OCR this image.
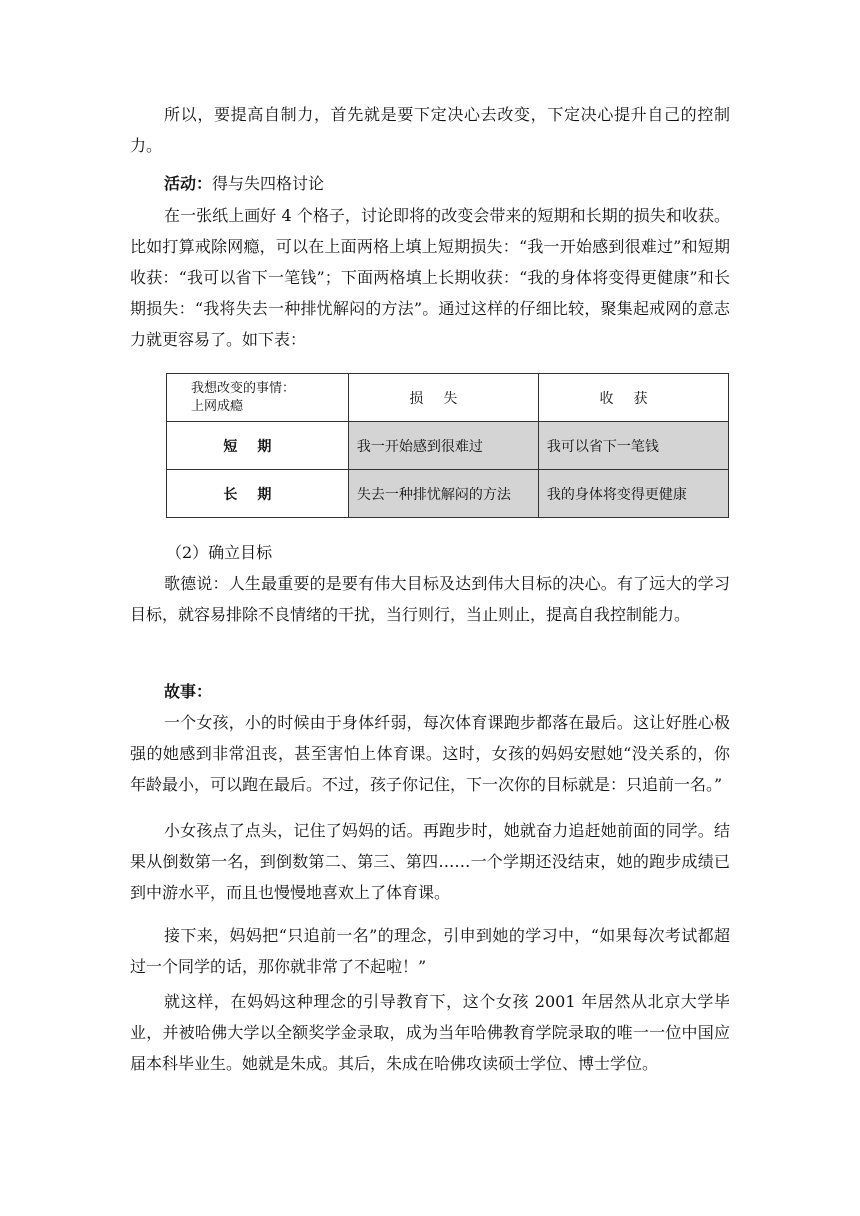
所以，要提高自制力，首先就是要下定决心去改变，下定决心提升自己的控制力。

活动：得与失四格讨论

在一张纸上画好 4 个格子，讨论即将的改变会带来的短期和长期的损失和收获。比如打算戒除网瘾，可以在上面两格上填上短期损失：“我一开始感到很难过”和短期收获：“我可以省下一笔钱”；下面两格填上长期收获：“我的身体将变得更健康”和长期损失：“我将失去一种排忧解闷的方法”。通过这样的仔细比较，聚集起戒网的意志力就更容易了。如下表：

我想改变的事情：
上网成瘾	损失	收获
短期	我一开始感到很难过	我可以省下一笔钱
长期	失去一种排忧解闷的方法	我的身体将变得更健康
（2）确立目标

歌德说：人生最重要的是要有伟大目标及达到伟大目标的决心。有了远大的学习目标，就容易排除不良情绪的干扰，当行则行，当止则止，提高自我控制能力。

故事：

一个女孩，小的时候由于身体纤弱，每次体育课跑步都落在最后。这让好胜心极强的她感到非常沮丧，甚至害怕上体育课。这时，女孩的妈妈安慰她“没关系的，你年龄最小，可以跑在最后。不过，孩子你记住，下一次你的目标就是：只追前一名。”

小女孩点了点头，记住了妈妈的话。再跑步时，她就奋力追赶她前面的同学。结果从倒数第一名，到倒数第二、第三、第四……一个学期还没结束，她的跑步成绩已到中游水平，而且也慢慢地喜欢上了体育课。

接下来，妈妈把“只追前一名”的理念，引申到她的学习中，“如果每次考试都超过一个同学的话，那你就非常了不起啦！”

就这样，在妈妈这种理念的引导教育下，这个女孩 2001 年居然从北京大学毕业，并被哈佛大学以全额奖学金录取，成为当年哈佛教育学院录取的唯一一位中国应届本科毕业生。她就是朱成。其后，朱成在哈佛攻读硕士学位、博士学位。
